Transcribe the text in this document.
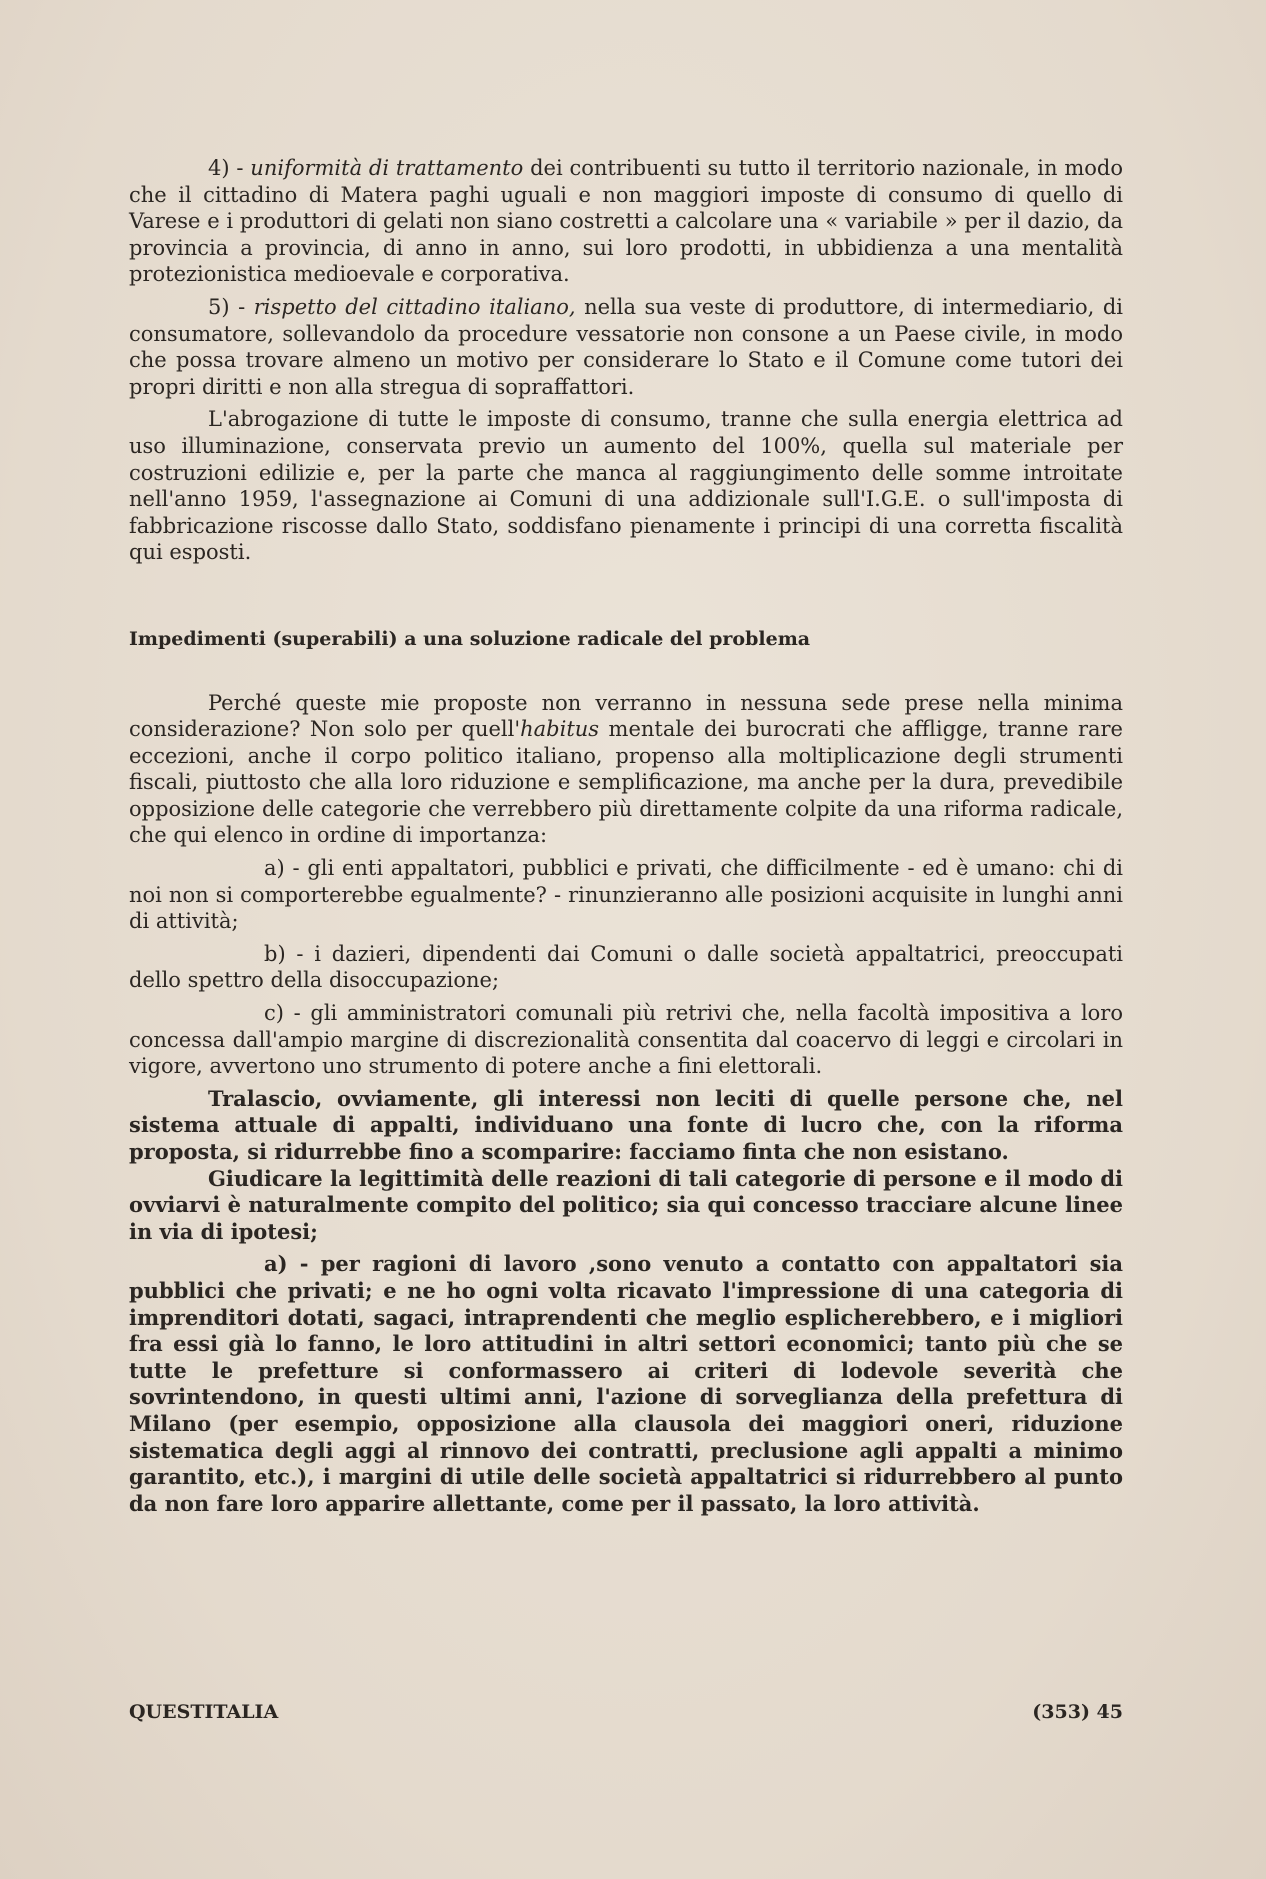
4) - uniformità di trattamento dei contribuenti su tutto il territorio nazionale, in modo che il cittadino di Matera paghi uguali e non maggiori imposte di consumo di quello di Varese e i produttori di gelati non siano costretti a calcolare una « variabile » per il dazio, da provincia a provincia, di anno in anno, sui loro prodotti, in ubbidienza a una mentalità protezionistica medioevale e corporativa.

5) - rispetto del cittadino italiano, nella sua veste di produttore, di intermediario, di consumatore, sollevandolo da procedure vessatorie non consone a un Paese civile, in modo che possa trovare almeno un motivo per considerare lo Stato e il Comune come tutori dei propri diritti e non alla stregua di sopraffattori.

L'abrogazione di tutte le imposte di consumo, tranne che sulla energia elettrica ad uso illuminazione, conservata previo un aumento del 100%, quella sul materiale per costruzioni edilizie e, per la parte che manca al raggiungimento delle somme introitate nell'anno 1959, l'assegnazione ai Comuni di una addizionale sull'I.G.E. o sull'imposta di fabbricazione riscosse dallo Stato, soddisfano pienamente i principi di una corretta fiscalità qui esposti.

Impedimenti (superabili) a una soluzione radicale del problema

Perché queste mie proposte non verranno in nessuna sede prese nella minima considerazione? Non solo per quell'habitus mentale dei burocrati che affligge, tranne rare eccezioni, anche il corpo politico italiano, propenso alla moltiplicazione degli strumenti fiscali, piuttosto che alla loro riduzione e semplificazione, ma anche per la dura, prevedibile opposizione delle categorie che verrebbero più direttamente colpite da una riforma radicale, che qui elenco in ordine di importanza:

a) - gli enti appaltatori, pubblici e privati, che difficilmente - ed è umano: chi di noi non si comporterebbe egualmente? - rinunzieranno alle posizioni acquisite in lunghi anni di attività;

b) - i dazieri, dipendenti dai Comuni o dalle società appaltatrici, preoccupati dello spettro della disoccupazione;

c) - gli amministratori comunali più retrivi che, nella facoltà impositiva a loro concessa dall'ampio margine di discrezionalità consentita dal coacervo di leggi e circolari in vigore, avvertono uno strumento di potere anche a fini elettorali.

Tralascio, ovviamente, gli interessi non leciti di quelle persone che, nel sistema attuale di appalti, individuano una fonte di lucro che, con la riforma proposta, si ridurrebbe fino a scomparire: facciamo finta che non esistano.

Giudicare la legittimità delle reazioni di tali categorie di persone e il modo di ovviarvi è naturalmente compito del politico; sia qui concesso tracciare alcune linee in via di ipotesi;

a) - per ragioni di lavoro ,sono venuto a contatto con appaltatori sia pubblici che privati; e ne ho ogni volta ricavato l'impressione di una categoria di imprenditori dotati, sagaci, intraprendenti che meglio esplicherebbero, e i migliori fra essi già lo fanno, le loro attitudini in altri settori economici; tanto più che se tutte le prefetture si conformassero ai criteri di lodevole severità che sovrintendono, in questi ultimi anni, l'azione di sorveglianza della prefettura di Milano (per esempio, opposizione alla clausola dei maggiori oneri, riduzione sistematica degli aggi al rinnovo dei contratti, preclusione agli appalti a minimo garantito, etc.), i margini di utile delle società appaltatrici si ridurrebbero al punto da non fare loro apparire allettante, come per il passato, la loro attività.

QUESTITALIA	(353) 45
